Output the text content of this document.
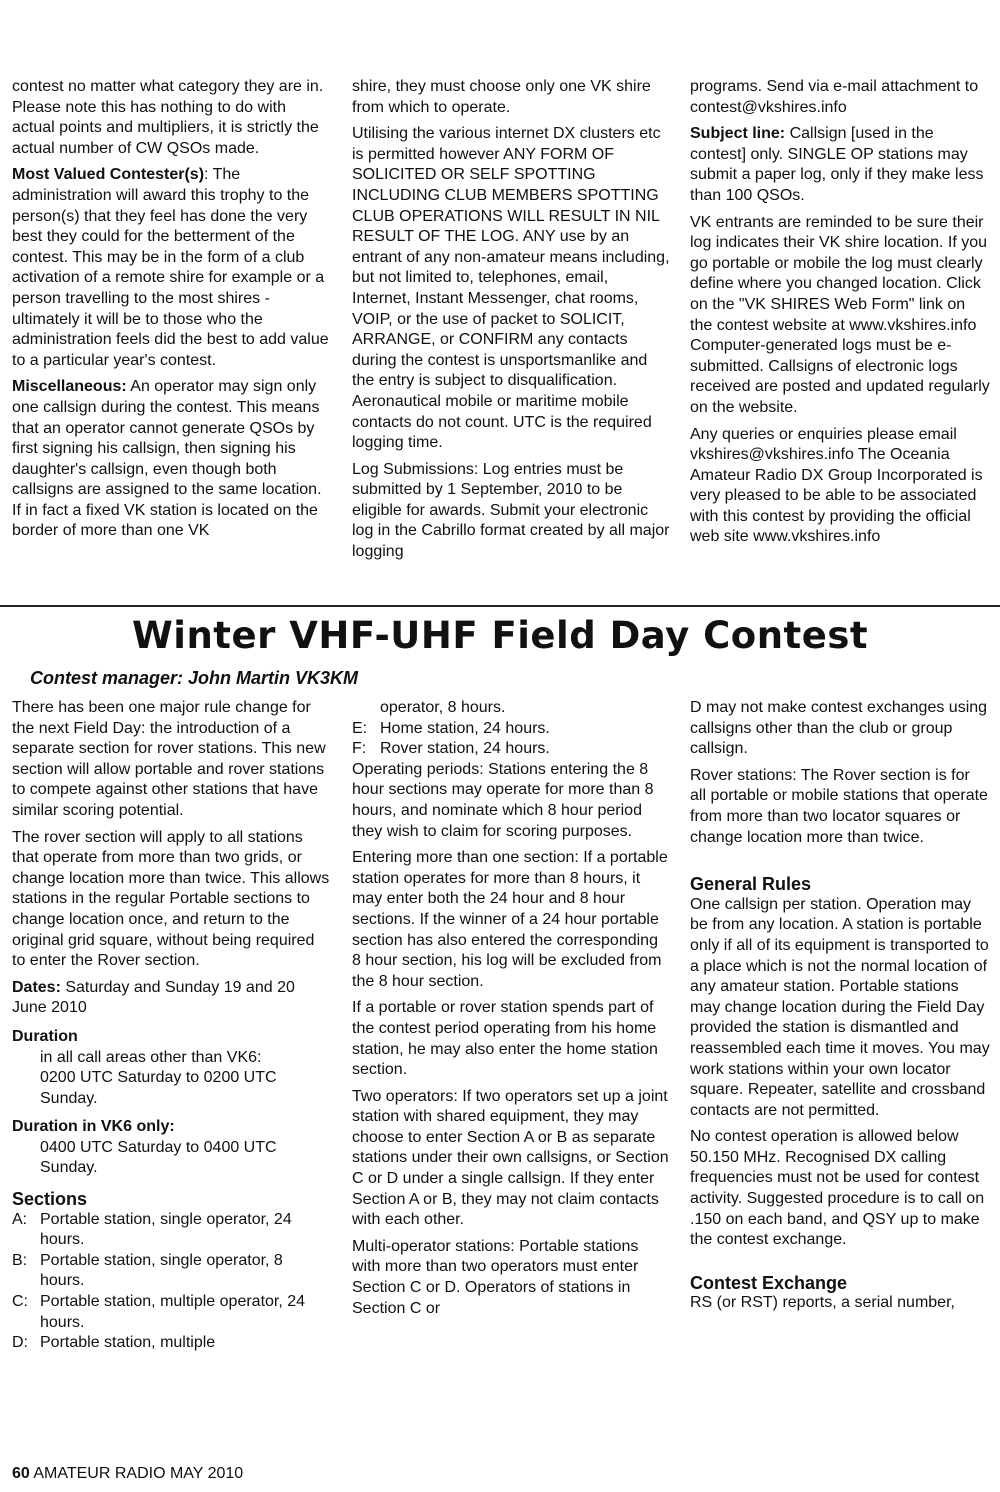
contest no matter what category they are in. Please note this has nothing to do with actual points and multipliers, it is strictly the actual number of CW QSOs made.

Most Valued Contester(s): The administration will award this trophy to the person(s) that they feel has done the very best they could for the betterment of the contest. This may be in the form of a club activation of a remote shire for example or a person travelling to the most shires - ultimately it will be to those who the administration feels did the best to add value to a particular year's contest.

Miscellaneous: An operator may sign only one callsign during the contest. This means that an operator cannot generate QSOs by first signing his callsign, then signing his daughter's callsign, even though both callsigns are assigned to the same location. If in fact a fixed VK station is located on the border of more than one VK

shire, they must choose only one VK shire from which to operate.

Utilising the various internet DX clusters etc is permitted however ANY FORM OF SOLICITED OR SELF SPOTTING INCLUDING CLUB MEMBERS SPOTTING CLUB OPERATIONS WILL RESULT IN NIL RESULT OF THE LOG. ANY use by an entrant of any non-amateur means including, but not limited to, telephones, email, Internet, Instant Messenger, chat rooms, VOIP, or the use of packet to SOLICIT, ARRANGE, or CONFIRM any contacts during the contest is unsportsmanlike and the entry is subject to disqualification. Aeronautical mobile or maritime mobile contacts do not count. UTC is the required logging time.

Log Submissions: Log entries must be submitted by 1 September, 2010 to be eligible for awards. Submit your electronic log in the Cabrillo format created by all major logging

programs. Send via e-mail attachment to contest@vkshires.info

Subject line: Callsign [used in the contest] only. SINGLE OP stations may submit a paper log, only if they make less than 100 QSOs.

VK entrants are reminded to be sure their log indicates their VK shire location. If you go portable or mobile the log must clearly define where you changed location. Click on the "VK SHIRES Web Form" link on the contest website at www.vkshires.info Computer-generated logs must be e-submitted. Callsigns of electronic logs received are posted and updated regularly on the website.

Any queries or enquiries please email vkshires@vkshires.info The Oceania Amateur Radio DX Group Incorporated is very pleased to be able to be associated with this contest by providing the official web site www.vkshires.info

Winter VHF-UHF Field Day Contest
Contest manager: John Martin VK3KM

There has been one major rule change for the next Field Day: the introduction of a separate section for rover stations. This new section will allow portable and rover stations to compete against other stations that have similar scoring potential.

The rover section will apply to all stations that operate from more than two grids, or change location more than twice. This allows stations in the regular Portable sections to change location once, and return to the original grid square, without being required to enter the Rover section.

Dates: Saturday and Sunday 19 and 20 June 2010

Duration
in all call areas other than VK6:

0200 UTC Saturday to 0200 UTC Sunday.

Duration in VK6 only:

0400 UTC Saturday to 0400 UTC Sunday.

Sections
A: Portable station, single operator, 24 hours.
B: Portable station, single operator, 8 hours.
C: Portable station, multiple operator, 24 hours.
D: Portable station, multiple
operator, 8 hours.
E: Home station, 24 hours.
F: Rover station, 24 hours.

Operating periods: Stations entering the 8 hour sections may operate for more than 8 hours, and nominate which 8 hour period they wish to claim for scoring purposes.

Entering more than one section: If a portable station operates for more than 8 hours, it may enter both the 24 hour and 8 hour sections. If the winner of a 24 hour portable section has also entered the corresponding 8 hour section, his log will be excluded from the 8 hour section.

If a portable or rover station spends part of the contest period operating from his home station, he may also enter the home station section.

Two operators: If two operators set up a joint station with shared equipment, they may choose to enter Section A or B as separate stations under their own callsigns, or Section C or D under a single callsign. If they enter Section A or B, they may not claim contacts with each other.

Multi-operator stations: Portable stations with more than two operators must enter Section C or D. Operators of stations in Section C or

D may not make contest exchanges using callsigns other than the club or group callsign.

Rover stations: The Rover section is for all portable or mobile stations that operate from more than two locator squares or change location more than twice.

General Rules

One callsign per station. Operation may be from any location. A station is portable only if all of its equipment is transported to a place which is not the normal location of any amateur station. Portable stations may change location during the Field Day provided the station is dismantled and reassembled each time it moves. You may work stations within your own locator square. Repeater, satellite and crossband contacts are not permitted.

No contest operation is allowed below 50.150 MHz. Recognised DX calling frequencies must not be used for contest activity. Suggested procedure is to call on .150 on each band, and QSY up to make the contest exchange.

Contest Exchange

RS (or RST) reports, a serial number,

60 AMATEUR RADIO MAY 2010
